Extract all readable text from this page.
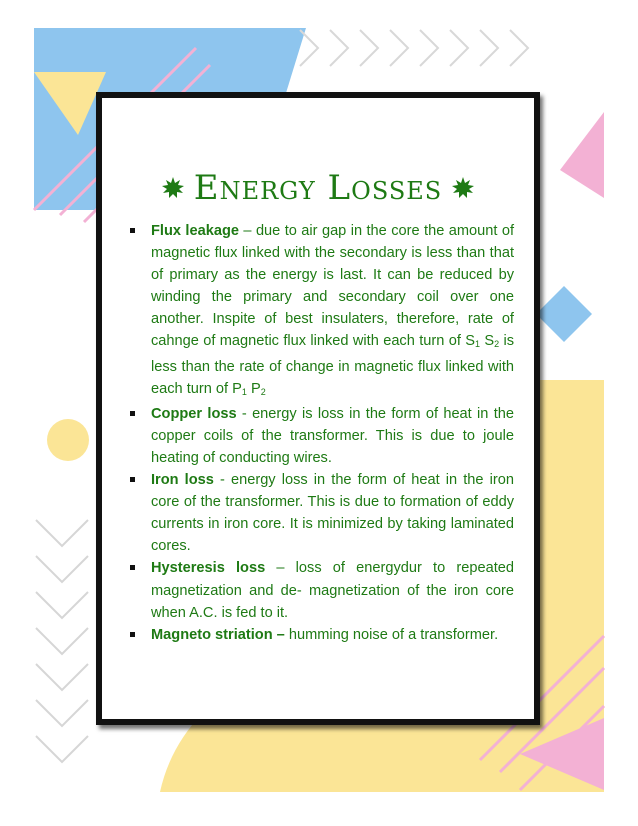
Energy Losses
Flux leakage – due to air gap in the core the amount of magnetic flux linked with the secondary is less than that of primary as the energy is last. It can be reduced by winding the primary and secondary coil over one another. Inspite of best insulaters, therefore, rate of cahnge of magnetic flux linked with each turn of $S_1$ $S_2$ is less than the rate of change in magnetic flux linked with each turn of $P_1$ $P_2$
Copper loss - energy is loss in the form of heat in the copper coils of the transformer. This is due to joule heating of conducting wires.
Iron loss - energy loss in the form of heat in the iron core of the transformer. This is due to formation of eddy currents in iron core. It is minimized by taking laminated cores.
Hysteresis loss – loss of energydur to repeated magnetization and de- magnetization of the iron core when A.C. is fed to it.
Magneto striation – humming noise of a transformer.
